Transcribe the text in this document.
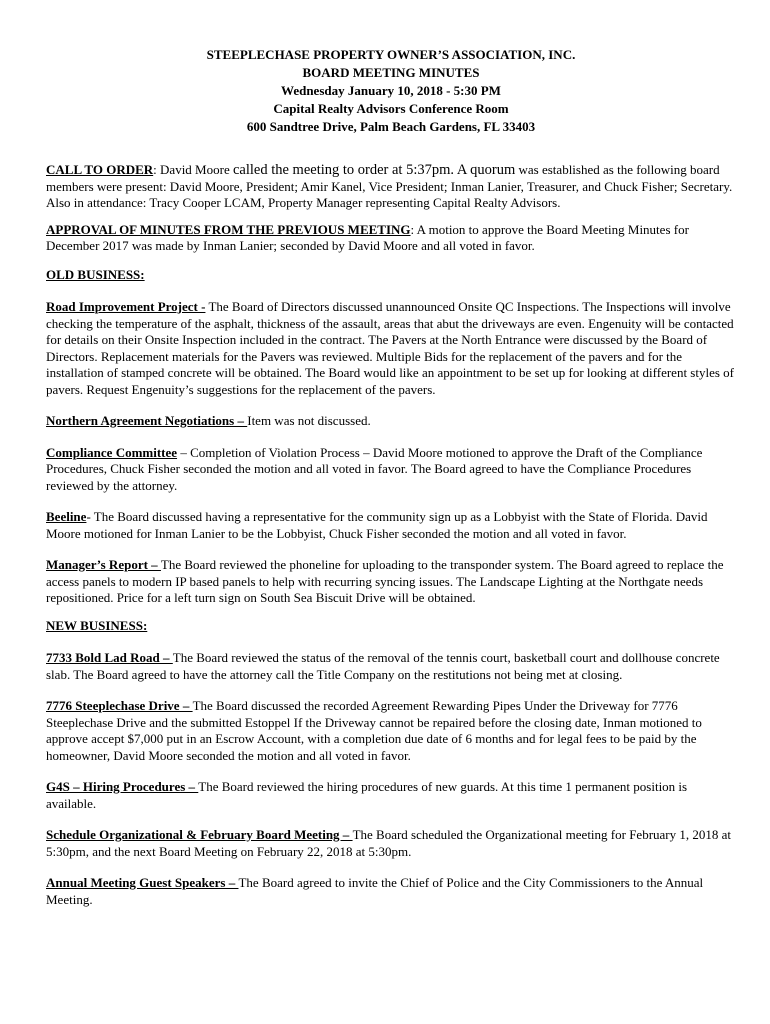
STEEPLECHASE PROPERTY OWNER’S ASSOCIATION, INC.
BOARD MEETING MINUTES
Wednesday January 10, 2018 - 5:30 PM
Capital Realty Advisors Conference Room
600 Sandtree Drive, Palm Beach Gardens, FL 33403

CALL TO ORDER: David Moore called the meeting to order at 5:37pm. A quorum was established as the following board members were present: David Moore, President; Amir Kanel, Vice President; Inman Lanier, Treasurer, and Chuck Fisher; Secretary. Also in attendance: Tracy Cooper LCAM, Property Manager representing Capital Realty Advisors.

APPROVAL OF MINUTES FROM THE PREVIOUS MEETING: A motion to approve the Board Meeting Minutes for December 2017 was made by Inman Lanier; seconded by David Moore and all voted in favor.

OLD BUSINESS:

Road Improvement Project - The Board of Directors discussed unannounced Onsite QC Inspections. The Inspections will involve checking the temperature of the asphalt, thickness of the assault, areas that abut the driveways are even. Engenuity will be contacted for details on their Onsite Inspection included in the contract. The Pavers at the North Entrance were discussed by the Board of Directors. Replacement materials for the Pavers was reviewed. Multiple Bids for the replacement of the pavers and for the installation of stamped concrete will be obtained. The Board would like an appointment to be set up for looking at different styles of pavers. Request Engenuity’s suggestions for the replacement of the pavers.

Northern Agreement Negotiations – Item was not discussed.

Compliance Committee – Completion of Violation Process – David Moore motioned to approve the Draft of the Compliance Procedures, Chuck Fisher seconded the motion and all voted in favor. The Board agreed to have the Compliance Procedures reviewed by the attorney.

Beeline- The Board discussed having a representative for the community sign up as a Lobbyist with the State of Florida. David Moore motioned for Inman Lanier to be the Lobbyist, Chuck Fisher seconded the motion and all voted in favor.

Manager’s Report – The Board reviewed the phoneline for uploading to the transponder system. The Board agreed to replace the access panels to modern IP based panels to help with recurring syncing issues. The Landscape Lighting at the Northgate needs repositioned. Price for a left turn sign on South Sea Biscuit Drive will be obtained.

NEW BUSINESS:

7733 Bold Lad Road – The Board reviewed the status of the removal of the tennis court, basketball court and dollhouse concrete slab. The Board agreed to have the attorney call the Title Company on the restitutions not being met at closing.

7776 Steeplechase Drive – The Board discussed the recorded Agreement Rewarding Pipes Under the Driveway for 7776 Steeplechase Drive and the submitted Estoppel If the Driveway cannot be repaired before the closing date, Inman motioned to approve accept $7,000 put in an Escrow Account, with a completion due date of 6 months and for legal fees to be paid by the homeowner, David Moore seconded the motion and all voted in favor.

G4S – Hiring Procedures – The Board reviewed the hiring procedures of new guards. At this time 1 permanent position is available.

Schedule Organizational & February Board Meeting – The Board scheduled the Organizational meeting for February 1, 2018 at 5:30pm, and the next Board Meeting on February 22, 2018 at 5:30pm.

Annual Meeting Guest Speakers – The Board agreed to invite the Chief of Police and the City Commissioners to the Annual Meeting.
